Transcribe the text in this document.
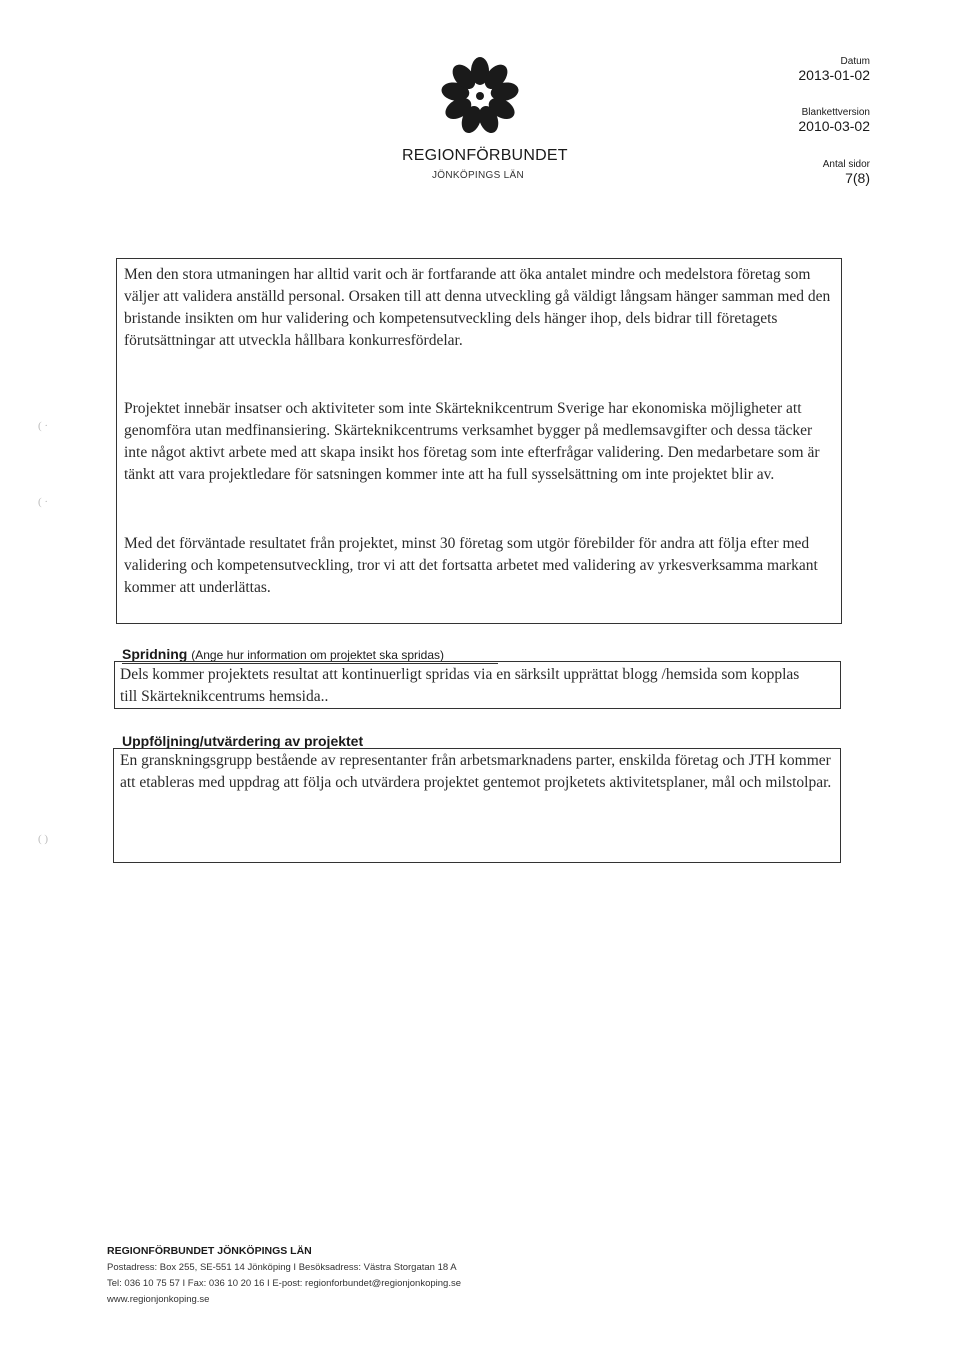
REGIONFÖRBUNDET
JÖNKÖPINGS LÄN
Datum
2013-01-02
Blankettversion
2010-03-02
Antal sidor
7(8)

Men den stora utmaningen har alltid varit och är fortfarande att öka antalet mindre och medelstora företag som väljer att validera anställd personal. Orsaken till att denna utveckling gå väldigt långsam hänger samman med den bristande insikten om hur validering och kompetensutveckling dels hänger ihop, dels bidrar till företagets förutsättningar att utveckla hållbara konkurresfördelar.

Projektet innebär insatser och aktiviteter som inte Skärteknikcentrum Sverige har ekonomiska möjligheter att genomföra utan medfinansiering. Skärteknikcentrums verksamhet bygger på medlemsavgifter och dessa täcker inte något aktivt arbete med att skapa insikt hos företag som inte efterfrågar validering. Den medarbetare som är tänkt att vara projektledare för satsningen kommer inte att ha full sysselsättning om inte projektet blir av.

Med det förväntade resultatet från projektet, minst 30 företag som utgör förebilder för andra att följa efter med validering och kompetensutveckling, tror vi att det fortsatta arbetet med validering av yrkesverksamma markant kommer att underlättas.

Spridning (Ange hur information om projektet ska spridas)

Dels kommer projektets resultat att kontinuerligt spridas via en särksilt upprättat blogg /hemsida som kopplas till Skärteknikcentrums hemsida..

Uppföljning/utvärdering av projektet

En granskningsgrupp bestående av representanter från arbetsmarknadens parter, enskilda företag och JTH kommer att etableras med uppdrag att följa och utvärdera projektet gentemot projketets aktivitetsplaner, mål och milstolpar.

( ·
( ·
( )
REGIONFÖRBUNDET JÖNKÖPINGS LÄN
Postadress: Box 255, SE-551 14 Jönköping I Besöksadress: Västra Storgatan 18 A
Tel: 036 10 75 57 I Fax: 036 10 20 16 I E-post: regionforbundet@regionjonkoping.se
www.regionjonkoping.se
